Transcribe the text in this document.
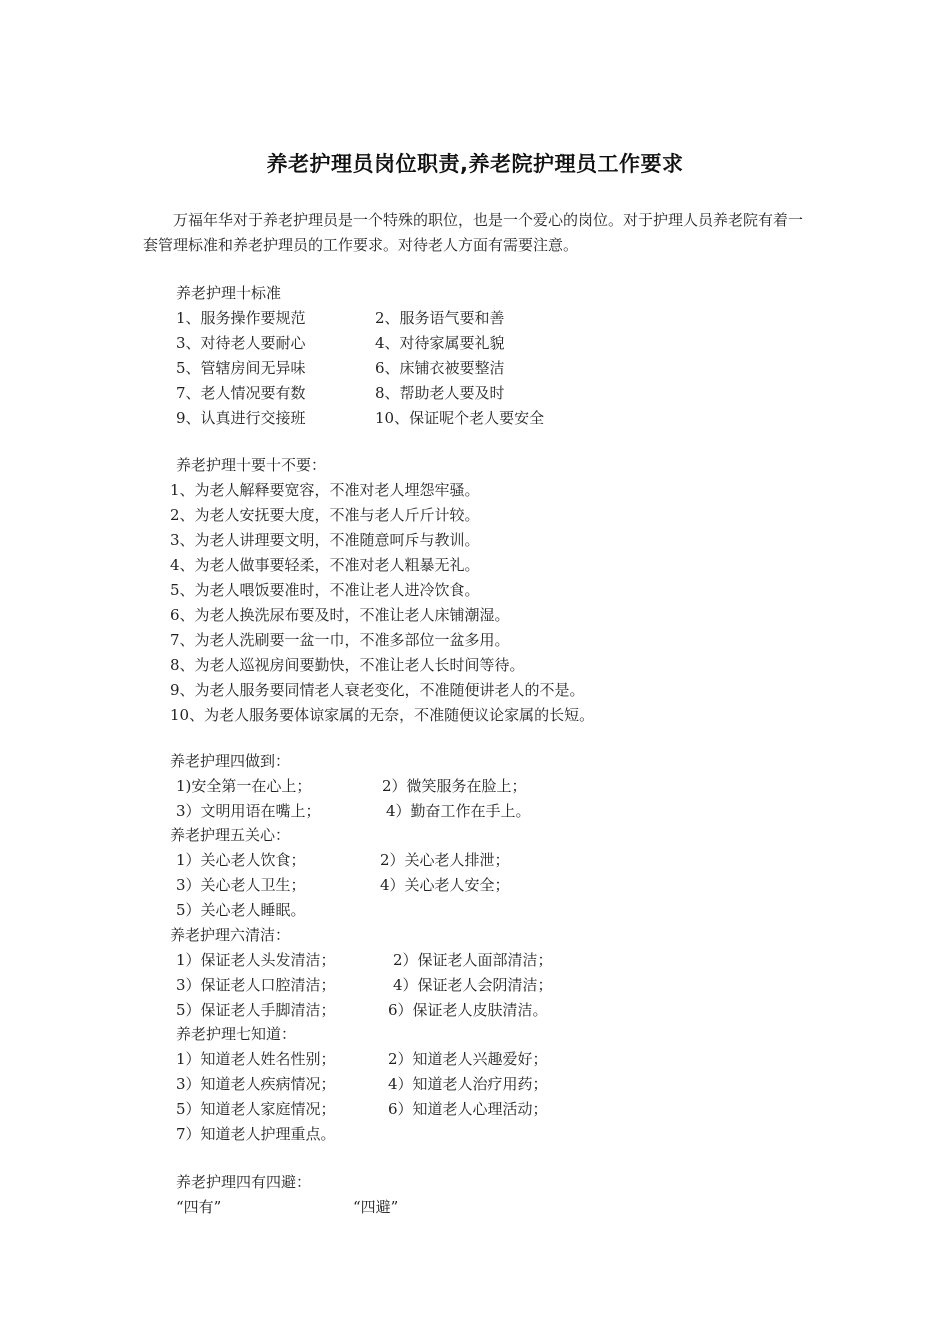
养老护理员岗位职责,养老院护理员工作要求
万福年华对于养老护理员是一个特殊的职位，也是一个爱心的岗位。对于护理人员养老院有着一套管理标准和养老护理员的工作要求。对待老人方面有需要注意。
养老护理十标准
1、服务操作要规范	2、服务语气要和善
3、对待老人要耐心	4、对待家属要礼貌
5、管辖房间无异味	6、床铺衣被要整洁
7、老人情况要有数	8、帮助老人要及时
9、认真进行交接班	10、保证呢个老人要安全
养老护理十要十不要：
1、为老人解释要宽容，不准对老人埋怨牢骚。
2、为老人安抚要大度，不准与老人斤斤计较。
3、为老人讲理要文明，不准随意呵斥与教训。
4、为老人做事要轻柔，不准对老人粗暴无礼。
5、为老人喂饭要准时，不准让老人进冷饮食。
6、为老人换洗尿布要及时，不准让老人床铺潮湿。
7、为老人洗刷要一盆一巾，不准多部位一盆多用。
8、为老人巡视房间要勤快，不准让老人长时间等待。
9、为老人服务要同情老人衰老变化，不准随便讲老人的不是。
10、为老人服务要体谅家属的无奈，不准随便议论家属的长短。
养老护理四做到：
1)安全第一在心上；	2）微笑服务在脸上；
3）文明用语在嘴上；	4）勤奋工作在手上。
养老护理五关心：
1）关心老人饮食；	2）关心老人排泄；
3）关心老人卫生；	4）关心老人安全；
5）关心老人睡眠。
养老护理六清洁：
1）保证老人头发清洁；	2）保证老人面部清洁；
3）保证老人口腔清洁；	4）保证老人会阴清洁；
5）保证老人手脚清洁；	6）保证老人皮肤清洁。
养老护理七知道：
1）知道老人姓名性别；	2）知道老人兴趣爱好；
3）知道老人疾病情况；	4）知道老人治疗用药；
5）知道老人家庭情况；	6）知道老人心理活动；
7）知道老人护理重点。
养老护理四有四避：
“四有”	“四避”
